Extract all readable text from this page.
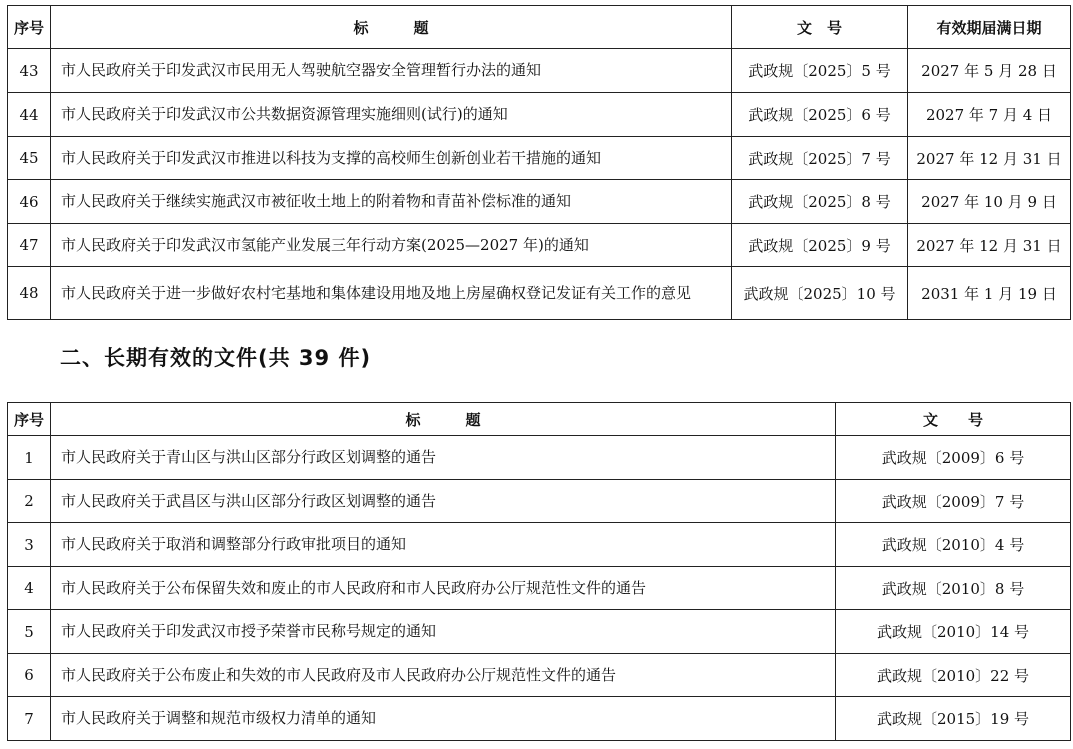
序号	标　　　题	文　号	有效期届满日期
43	市人民政府关于印发武汉市民用无人驾驶航空器安全管理暂行办法的通知	武政规〔2025〕5 号	2027 年 5 月 28 日
44	市人民政府关于印发武汉市公共数据资源管理实施细则(试行)的通知	武政规〔2025〕6 号	2027 年 7 月 4 日
45	市人民政府关于印发武汉市推进以科技为支撑的高校师生创新创业若干措施的通知	武政规〔2025〕7 号	2027 年 12 月 31 日
46	市人民政府关于继续实施武汉市被征收土地上的附着物和青苗补偿标准的通知	武政规〔2025〕8 号	2027 年 10 月 9 日
47	市人民政府关于印发武汉市氢能产业发展三年行动方案(2025—2027 年)的通知	武政规〔2025〕9 号	2027 年 12 月 31 日
48	市人民政府关于进一步做好农村宅基地和集体建设用地及地上房屋确权登记发证有关工作的意见	武政规〔2025〕10 号	2031 年 1 月 19 日
二、长期有效的文件(共 39 件)
序号	标　　　题	文　　号
1	市人民政府关于青山区与洪山区部分行政区划调整的通告	武政规〔2009〕6 号
2	市人民政府关于武昌区与洪山区部分行政区划调整的通告	武政规〔2009〕7 号
3	市人民政府关于取消和调整部分行政审批项目的通知	武政规〔2010〕4 号
4	市人民政府关于公布保留失效和废止的市人民政府和市人民政府办公厅规范性文件的通告	武政规〔2010〕8 号
5	市人民政府关于印发武汉市授予荣誉市民称号规定的通知	武政规〔2010〕14 号
6	市人民政府关于公布废止和失效的市人民政府及市人民政府办公厅规范性文件的通告	武政规〔2010〕22 号
7	市人民政府关于调整和规范市级权力清单的通知	武政规〔2015〕19 号
